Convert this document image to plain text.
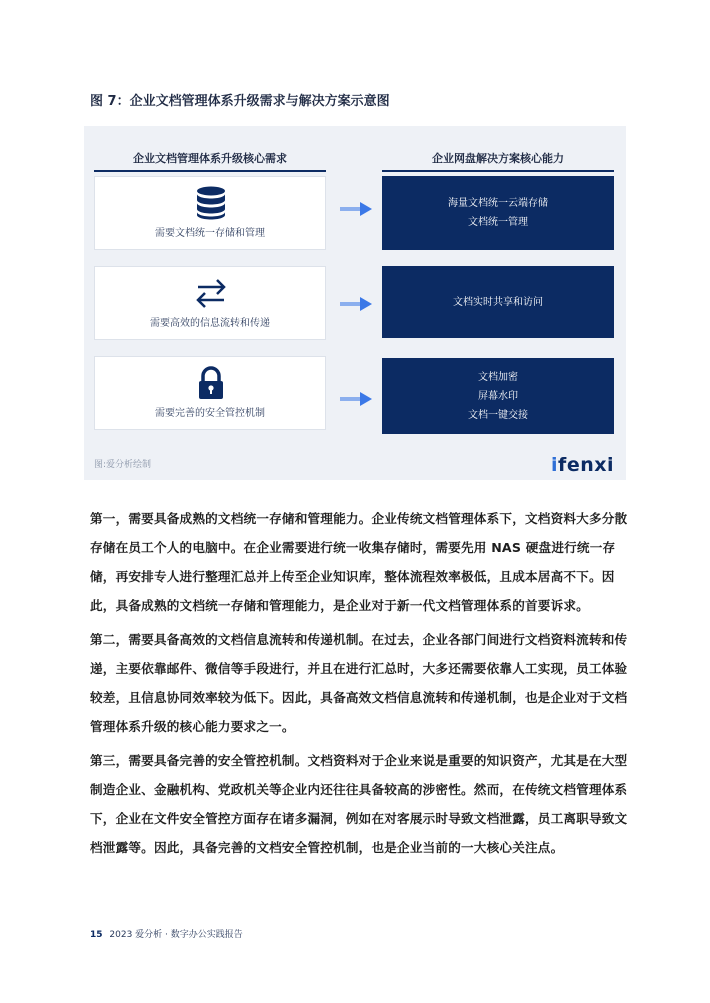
图 7：企业文档管理体系升级需求与解决方案示意图
企业文档管理体系升级核心需求	企业网盘解决方案核心能力
需要文档统一存储和管理
海量文档统一云端存储
文档统一管理
需要高效的信息流转和传递
文档实时共享和访问
需要完善的安全管控机制
文档加密
屏幕水印
文档一键交接
图:爱分析绘制	ifenxi
第一，需要具备成熟的文档统一存储和管理能力。企业传统文档管理体系下，文档资料大多分散存储在员工个人的电脑中。在企业需要进行统一收集存储时，需要先用 NAS 硬盘进行统一存储，再安排专人进行整理汇总并上传至企业知识库，整体流程效率极低，且成本居高不下。因此，具备成熟的文档统一存储和管理能力，是企业对于新一代文档管理体系的首要诉求。
第二，需要具备高效的文档信息流转和传递机制。在过去，企业各部门间进行文档资料流转和传递，主要依靠邮件、微信等手段进行，并且在进行汇总时，大多还需要依靠人工实现，员工体验较差，且信息协同效率较为低下。因此，具备高效文档信息流转和传递机制，也是企业对于文档管理体系升级的核心能力要求之一。
第三，需要具备完善的安全管控机制。文档资料对于企业来说是重要的知识资产，尤其是在大型制造企业、金融机构、党政机关等企业内还往往具备较高的涉密性。然而，在传统文档管理体系下，企业在文件安全管控方面存在诸多漏洞，例如在对客展示时导致文档泄露，员工离职导致文档泄露等。因此，具备完善的文档安全管控机制，也是企业当前的一大核心关注点。
15 2023 爱分析 · 数字办公实践报告
